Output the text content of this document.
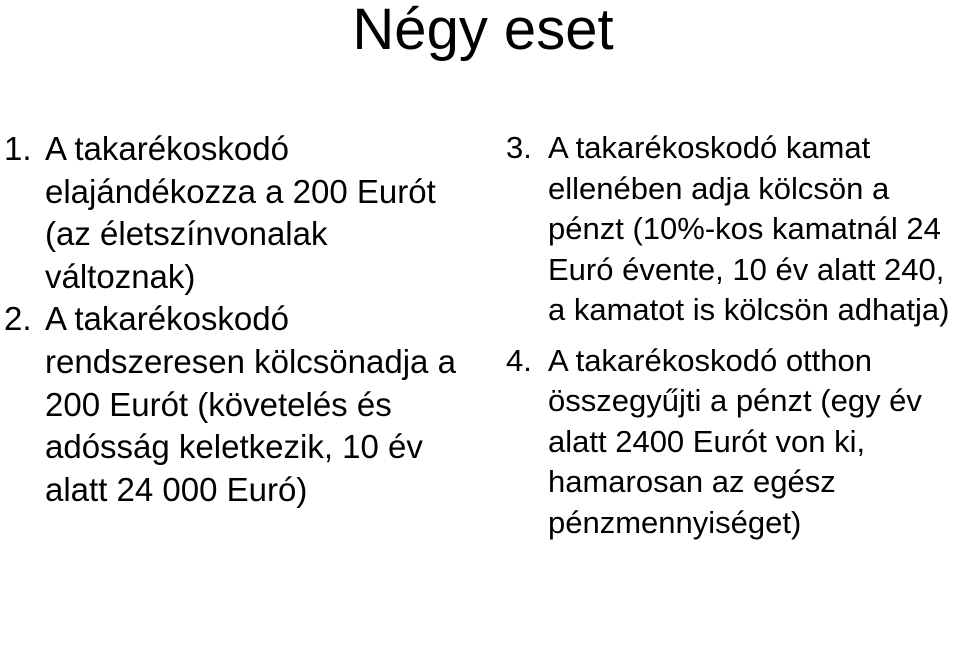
Négy eset
1. A takarékoskodó elajándékozza a 200 Eurót (az életszínvonalak változnak)
2. A takarékoskodó rendszeresen kölcsönadja a 200 Eurót (követelés és adósság keletkezik, 10 év alatt 24 000 Euró)
3. A takarékoskodó kamat ellenében adja kölcsön a pénzt (10%-kos kamatnál 24 Euró évente, 10 év alatt 240, a kamatot is kölcsön adhatja)
4. A takarékoskodó otthon összegyűjti a pénzt (egy év alatt 2400 Eurót von ki, hamarosan az egész pénzmennyiséget)
